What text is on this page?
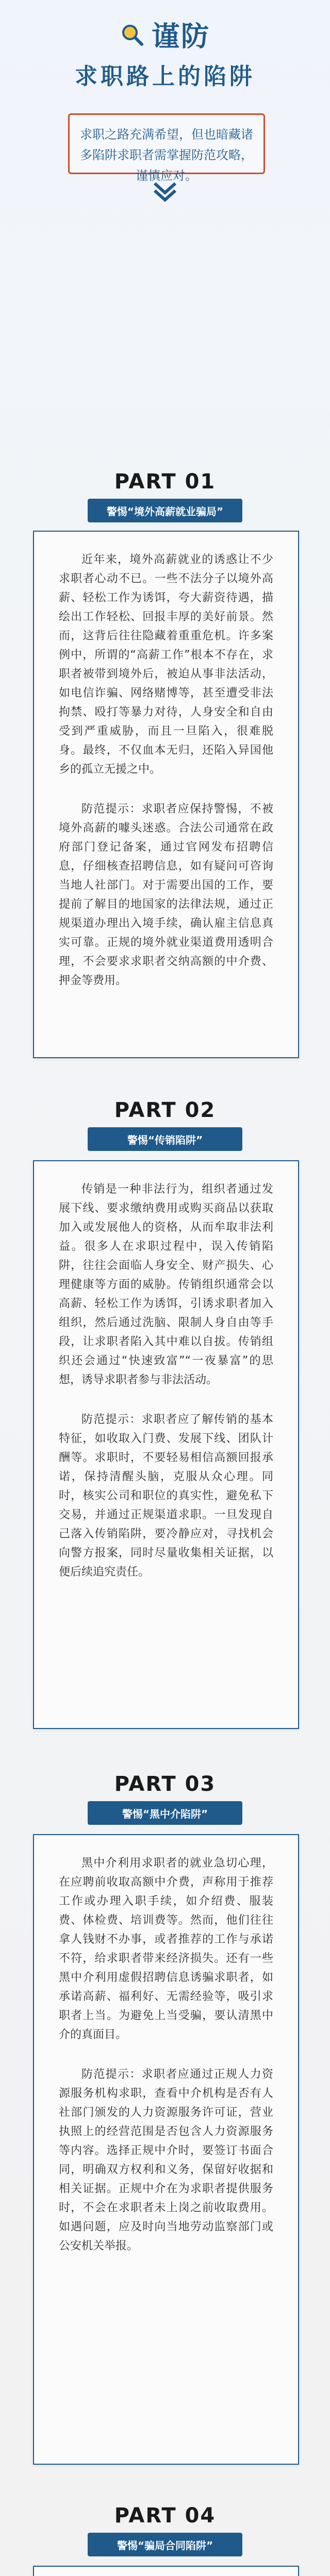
谨防
求职路上的陷阱

求职之路充满希望，但也暗藏诸多陷阱求职者需掌握防范攻略，谨慎应对。

PART 01
警惕“境外高薪就业骗局”

近年来，境外高薪就业的诱惑让不少求职者心动不已。一些不法分子以境外高薪、轻松工作为诱饵，夸大薪资待遇，描绘出工作轻松、回报丰厚的美好前景。然而，这背后往往隐藏着重重危机。许多案例中，所谓的“高薪工作”根本不存在，求职者被带到境外后，被迫从事非法活动，如电信诈骗、网络赌博等，甚至遭受非法拘禁、殴打等暴力对待，人身安全和自由受到严重威胁，而且一旦陷入，很难脱身。最终，不仅血本无归，还陷入异国他乡的孤立无援之中。

防范提示：求职者应保持警惕，不被境外高薪的噱头迷惑。合法公司通常在政府部门登记备案，通过官网发布招聘信息，仔细核查招聘信息，如有疑问可咨询当地人社部门。对于需要出国的工作，要提前了解目的地国家的法律法规，通过正规渠道办理出入境手续，确认雇主信息真实可靠。正规的境外就业渠道费用透明合理，不会要求求职者交纳高额的中介费、押金等费用。

PART 02
警惕“传销陷阱”

传销是一种非法行为，组织者通过发展下线、要求缴纳费用或购买商品以获取加入或发展他人的资格，从而牟取非法利益。很多人在求职过程中，误入传销陷阱，往往会面临人身安全、财产损失、心理健康等方面的威胁。传销组织通常会以高薪、轻松工作为诱饵，引诱求职者加入组织，然后通过洗脑、限制人身自由等手段，让求职者陷入其中难以自拔。传销组织还会通过“快速致富”“一夜暴富”的思想，诱导求职者参与非法活动。

防范提示：求职者应了解传销的基本特征，如收取入门费、发展下线、团队计酬等。求职时，不要轻易相信高额回报承诺，保持清醒头脑，克服从众心理。同时，核实公司和职位的真实性，避免私下交易，并通过正规渠道求职。一旦发现自己落入传销陷阱，要冷静应对，寻找机会向警方报案，同时尽量收集相关证据，以便后续追究责任。

PART 03
警惕“黑中介陷阱”

黑中介利用求职者的就业急切心理，在应聘前收取高额中介费，声称用于推荐工作或办理入职手续，如介绍费、服装费、体检费、培训费等。然而，他们往往拿人钱财不办事，或者推荐的工作与承诺不符，给求职者带来经济损失。还有一些黑中介利用虚假招聘信息诱骗求职者，如承诺高薪、福利好、无需经验等，吸引求职者上当。为避免上当受骗，要认清黑中介的真面目。

防范提示：求职者应通过正规人力资源服务机构求职，查看中介机构是否有人社部门颁发的人力资源服务许可证，营业执照上的经营范围是否包含人力资源服务等内容。选择正规中介时，要签订书面合同，明确双方权利和义务，保留好收据和相关证据。正规中介在为求职者提供服务时，不会在求职者未上岗之前收取费用。如遇问题，应及时向当地劳动监察部门或公安机关举报。

PART 04
警惕“骗局合同陷阱”
